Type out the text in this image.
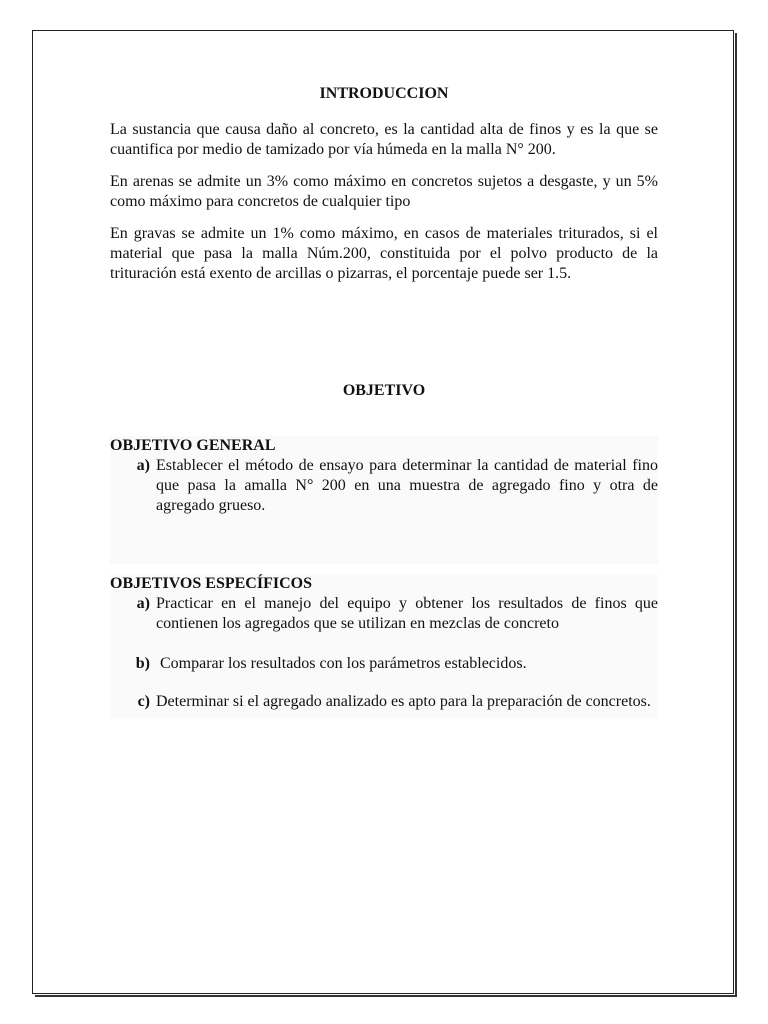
INTRODUCCION

La sustancia que causa daño al concreto, es la cantidad alta de finos y es la que se cuantifica por medio de tamizado por vía húmeda en la malla N° 200.

En arenas se admite un 3% como máximo en concretos sujetos a desgaste, y un 5% como máximo para concretos de cualquier tipo

En gravas se admite un 1% como máximo, en casos de materiales triturados, si el material que pasa la malla Núm.200, constituida por el polvo producto de la trituración está exento de arcillas o pizarras, el porcentaje puede ser 1.5.

OBJETIVO
OBJETIVO GENERAL
a) Establecer el método de ensayo para determinar la cantidad de material fino que pasa la amalla N° 200 en una muestra de agregado fino y otra de agregado grueso.
OBJETIVOS ESPECÍFICOS
a) Practicar en el manejo del equipo y obtener los resultados de finos que contienen los agregados que se utilizan en mezclas de concreto
b) Comparar los resultados con los parámetros establecidos.
c) Determinar si el agregado analizado es apto para la preparación de concretos.
